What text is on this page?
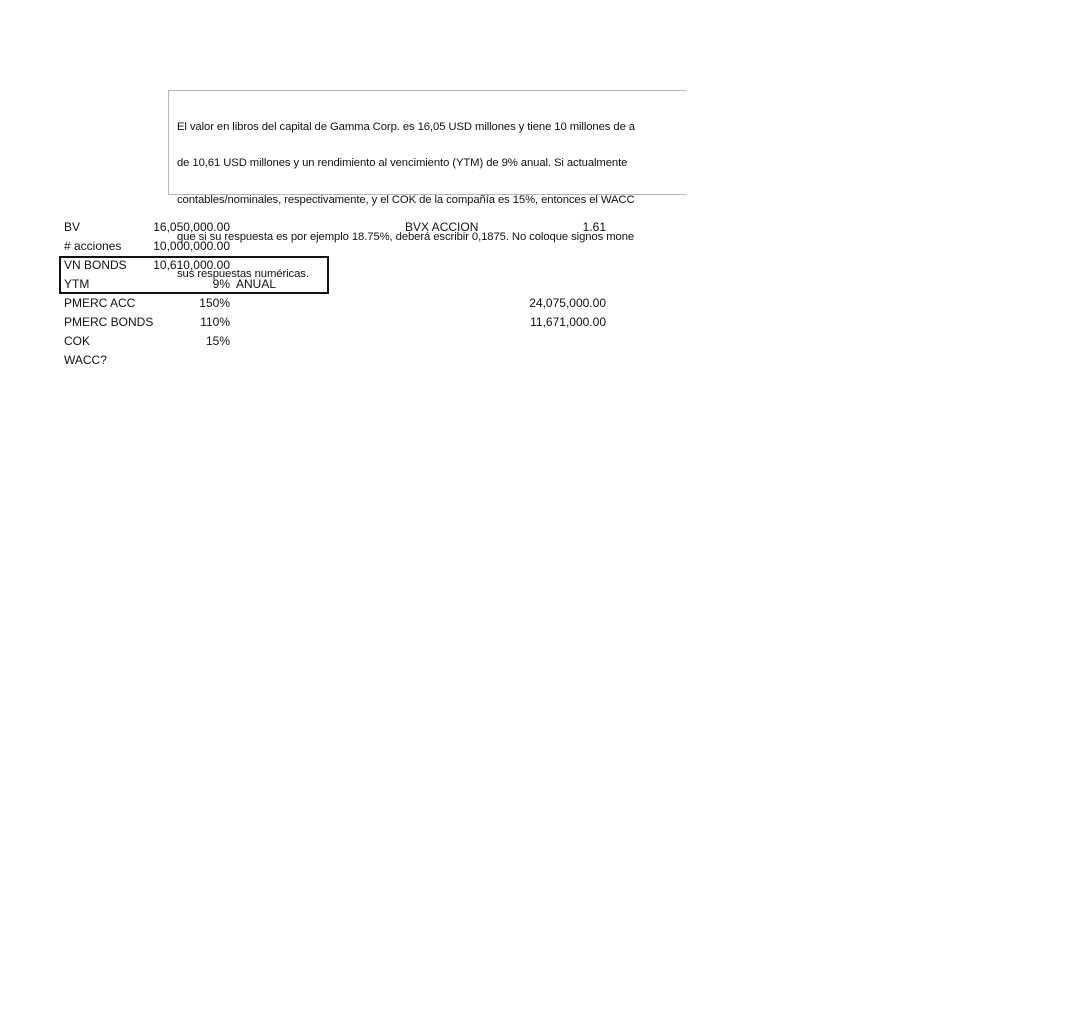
El valor en libros del capital de Gamma Corp. es 16,05 USD millones y tiene 10 millones de a

de 10,61 USD millones y un rendimiento al vencimiento (YTM) de 9% anual. Si actualmente

contables/nominales, respectivamente, y el COK de la compañía es 15%, entonces el WACC

que si su respuesta es por ejemplo 18.75%, deberá escribir 0,1875. No coloque signos mone

sus respuestas numéricas.

BV	16,050,000.00	BVX ACCION	1.61
# acciones	10,000,000.00
VN BONDS	10,610,000.00
YTM	9% ANUAL
PMERC ACC	150%	24,075,000.00
PMERC BONDS	110%	11,671,000.00
COK	15%
WACC?
